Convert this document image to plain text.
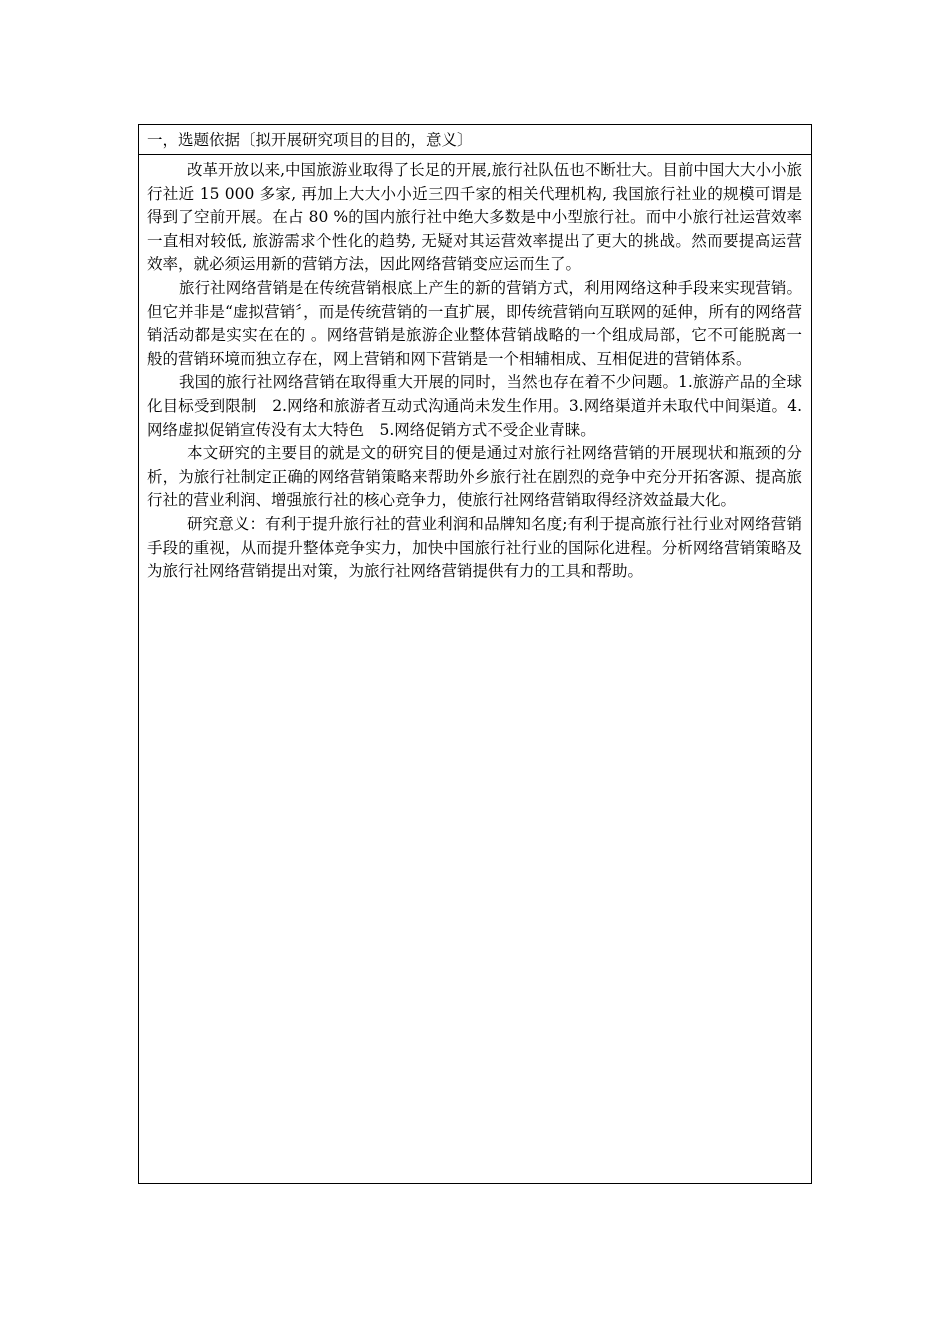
一，选题依据〔拟开展研究项目的目的，意义〕

改革开放以来,中国旅游业取得了长足的开展,旅行社队伍也不断壮大。目前中国大大小小旅行社近 15 000 多家, 再加上大大小小近三四千家的相关代理机构, 我国旅行社业的规模可谓是得到了空前开展。在占 80 %的国内旅行社中绝大多数是中小型旅行社。而中小旅行社运营效率一直相对较低, 旅游需求个性化的趋势, 无疑对其运营效率提出了更大的挑战。然而要提高运营效率，就必须运用新的营销方法，因此网络营销变应运而生了。

旅行社网络营销是在传统营销根底上产生的新的营销方式，利用网络这种手段来实现营销。但它并非是“虚拟营销〞，而是传统营销的一直扩展，即传统营销向互联网的延伸，所有的网络营销活动都是实实在在的 。网络营销是旅游企业整体营销战略的一个组成局部，它不可能脱离一般的营销环境而独立存在，网上营销和网下营销是一个相辅相成、互相促进的营销体系。

我国的旅行社网络营销在取得重大开展的同时，当然也存在着不少问题。1.旅游产品的全球化目标受到限制　2.网络和旅游者互动式沟通尚未发生作用。3.网络渠道并未取代中间渠道。4.网络虚拟促销宣传没有太大特色　5.网络促销方式不受企业青睐。

本文研究的主要目的就是文的研究目的便是通过对旅行社网络营销的开展现状和瓶颈的分析，为旅行社制定正确的网络营销策略来帮助外乡旅行社在剧烈的竞争中充分开拓客源、提高旅行社的营业利润、增强旅行社的核心竞争力，使旅行社网络营销取得经济效益最大化。

研究意义：有利于提升旅行社的营业利润和品牌知名度;有利于提高旅行社行业对网络营销手段的重视，从而提升整体竞争实力，加快中国旅行社行业的国际化进程。分析网络营销策略及为旅行社网络营销提出对策，为旅行社网络营销提供有力的工具和帮助。
